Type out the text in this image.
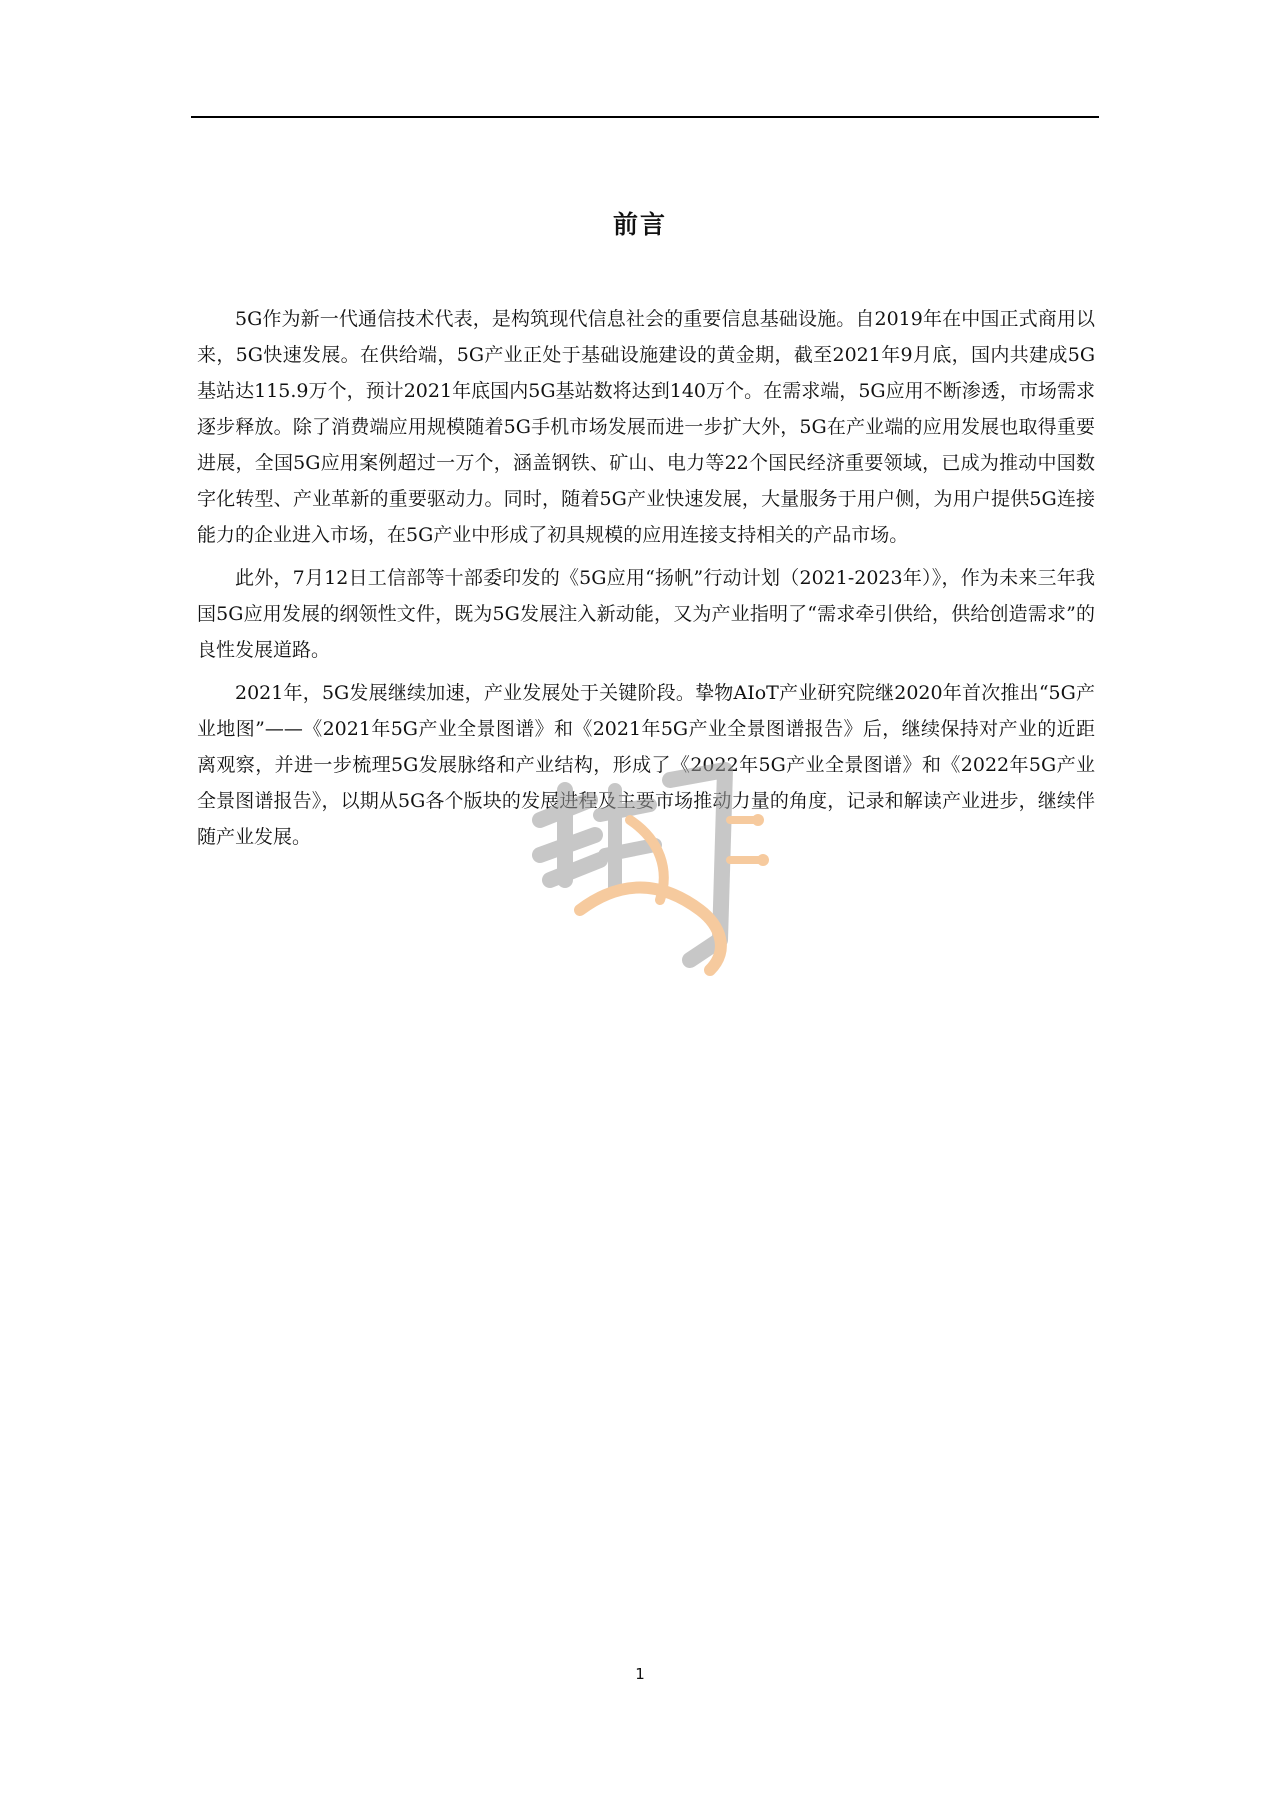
前言

5G作为新一代通信技术代表，是构筑现代信息社会的重要信息基础设施。自2019年在中国正式商用以来，5G快速发展。在供给端，5G产业正处于基础设施建设的黄金期，截至2021年9月底，国内共建成5G基站达115.9万个，预计2021年底国内5G基站数将达到140万个。在需求端，5G应用不断渗透，市场需求逐步释放。除了消费端应用规模随着5G手机市场发展而进一步扩大外，5G在产业端的应用发展也取得重要进展，全国5G应用案例超过一万个，涵盖钢铁、矿山、电力等22个国民经济重要领域，已成为推动中国数字化转型、产业革新的重要驱动力。同时，随着5G产业快速发展，大量服务于用户侧，为用户提供5G连接能力的企业进入市场，在5G产业中形成了初具规模的应用连接支持相关的产品市场。

此外，7月12日工信部等十部委印发的《5G应用“扬帆”行动计划（2021-2023年）》，作为未来三年我国5G应用发展的纲领性文件，既为5G发展注入新动能，又为产业指明了“需求牵引供给，供给创造需求”的良性发展道路。

2021年，5G发展继续加速，产业发展处于关键阶段。挚物AIoT产业研究院继2020年首次推出“5G产业地图”——《2021年5G产业全景图谱》和《2021年5G产业全景图谱报告》后，继续保持对产业的近距离观察，并进一步梳理5G发展脉络和产业结构，形成了《2022年5G产业全景图谱》和《2022年5G产业全景图谱报告》，以期从5G各个版块的发展进程及主要市场推动力量的角度，记录和解读产业进步，继续伴随产业发展。

1
